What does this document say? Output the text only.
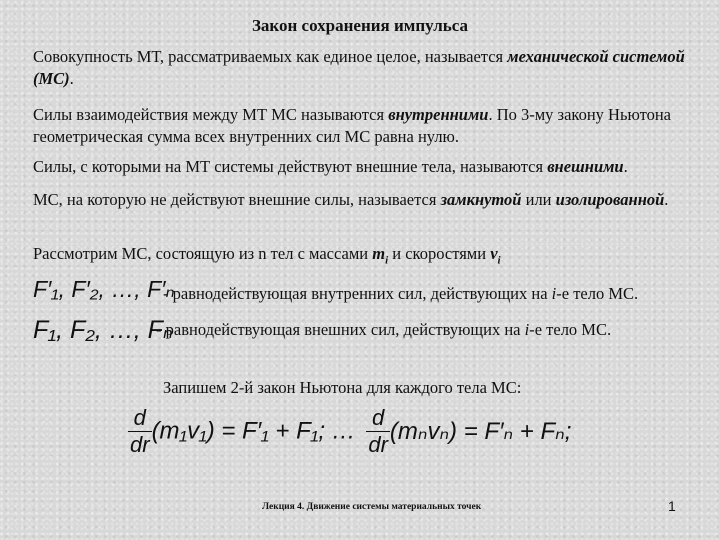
Закон сохранения импульса
Совокупность МТ, рассматриваемых как единое целое, называется механической системой (МС).
Силы взаимодействия между МТ МС называются внутренними. По 3-му закону Ньютона геометрическая сумма всех внутренних сил МС равна нулю.
Силы, с которыми на МТ системы действуют внешние тела, называются внешними.
МС, на которую не действуют внешние силы, называется замкнутой или изолированной.
Рассмотрим МС, состоящую из n тел с массами $m_i$ и скоростями $v_i$
F′₁, F′₂, …, F′ₙ
- равнодействующая внутренних сил, действующих на i-е тело МС.
F₁, F₂, …, Fₙ
- равнодействующая внешних сил, действующих на i-е тело МС.
Запишем 2-й закон Ньютона для каждого тела МС:
$\frac{d}{dr} (m_1v_1) = F'_1 + F_1$; … $\frac{d}{dr} (m_nv_n) = F'_n + F_n$;
Лекция 4. Движение системы материальных точек	1
